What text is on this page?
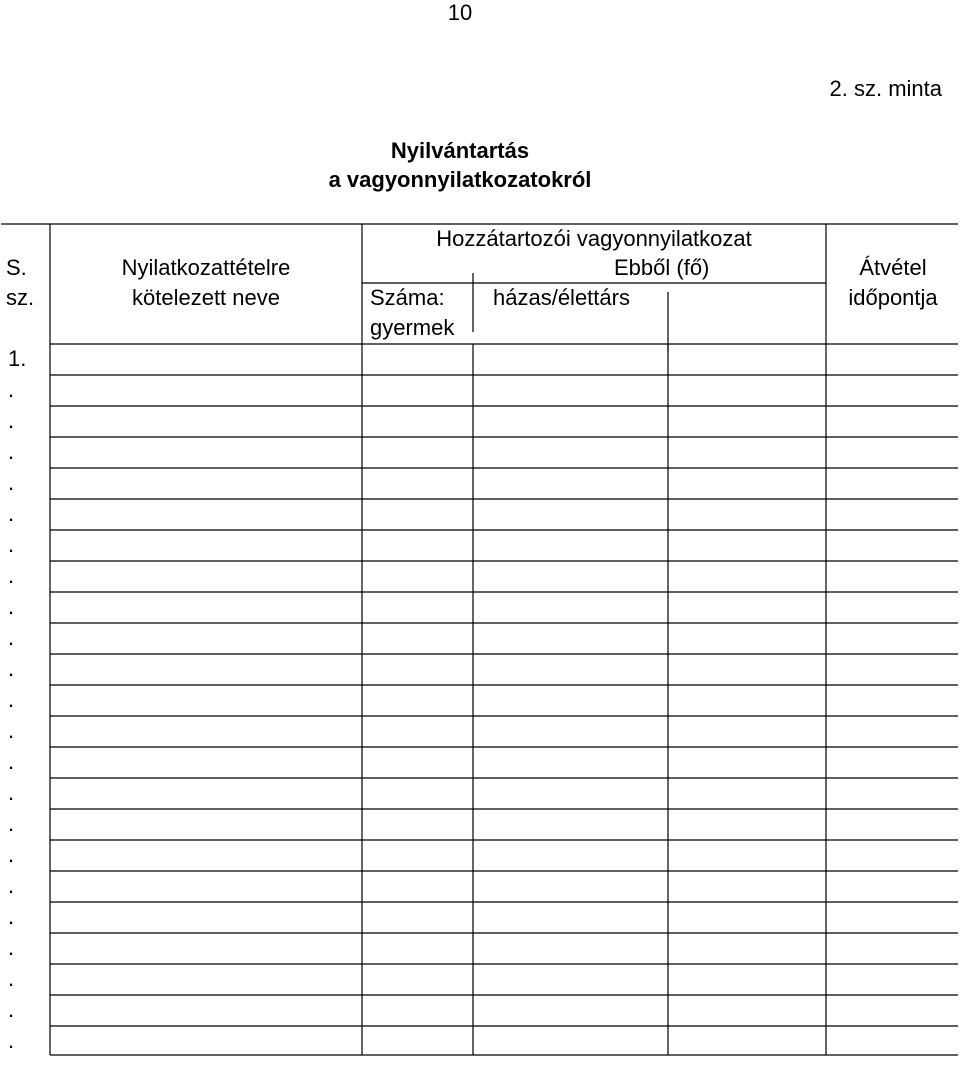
10
2. sz. minta
Nyilvántartás
a vagyonnyilatkozatokról
S.
sz.
Nyilatkozattételre
kötelezett neve
Hozzátartozói vagyonnyilatkozat
Ebből (fő)
Száma: házas/élettárs
gyermek
Átvétel
időpontja
1.
.
.
.
.
.
.
.
.
.
.
.
.
.
.
.
.
.
.
.
.
.
.
